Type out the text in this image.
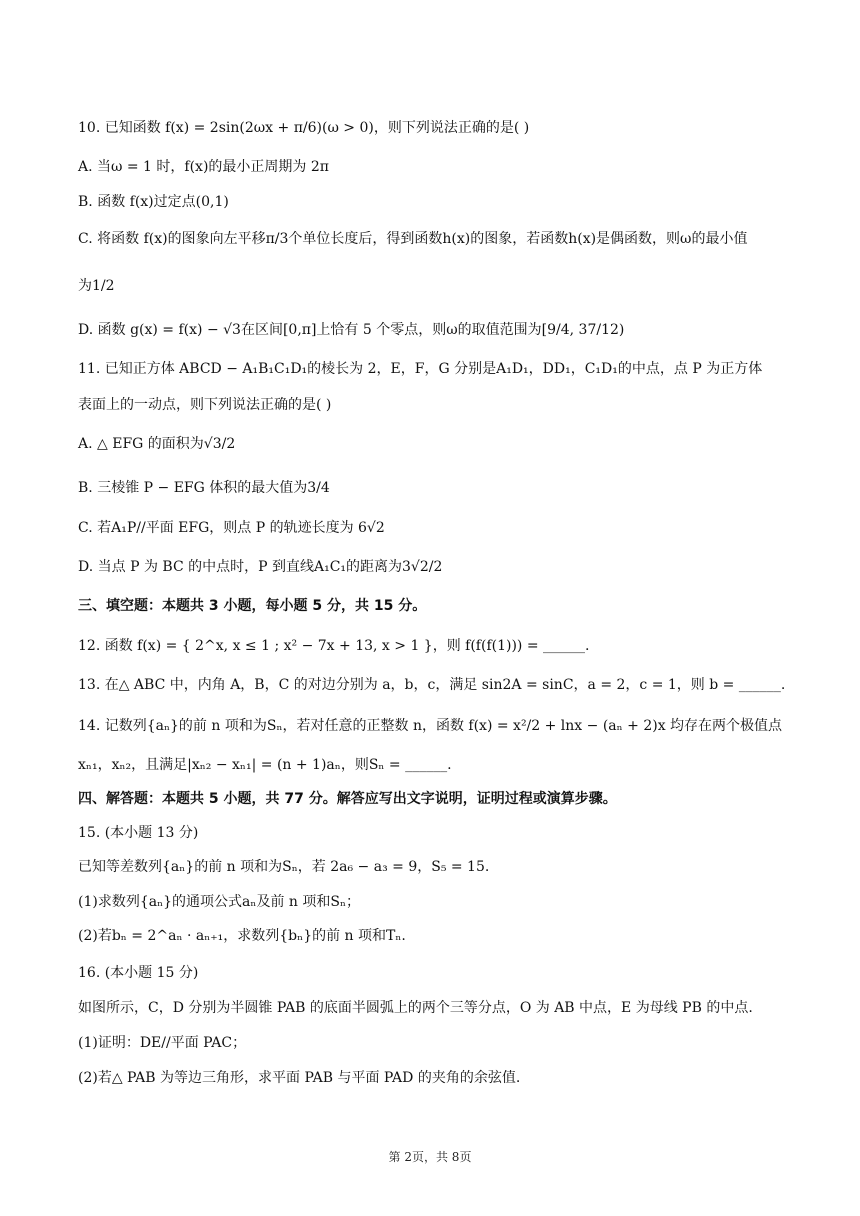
10. 已知函数 f(x) = 2sin(2ωx + π/6)(ω > 0)，则下列说法正确的是( )
A. 当ω = 1 时，f(x)的最小正周期为 2π
B. 函数 f(x)过定点(0,1)
C. 将函数 f(x)的图象向左平移π/3个单位长度后，得到函数h(x)的图象，若函数h(x)是偶函数，则ω的最小值
为1/2
D. 函数 g(x) = f(x) − √3在区间[0,π]上恰有 5 个零点，则ω的取值范围为[9/4, 37/12)
11. 已知正方体 ABCD − A₁B₁C₁D₁的棱长为 2，E，F，G 分别是A₁D₁，DD₁，C₁D₁的中点，点 P 为正方体
表面上的一动点，则下列说法正确的是( )
A. △ EFG 的面积为√3/2
B. 三棱锥 P − EFG 体积的最大值为3/4
C. 若A₁P//平面 EFG，则点 P 的轨迹长度为 6√2
D. 当点 P 为 BC 的中点时，P 到直线A₁C₁的距离为3√2/2
三、填空题：本题共 3 小题，每小题 5 分，共 15 分。
12. 函数 f(x) = { 2^x, x ≤ 1 ; x² − 7x + 13, x > 1 }，则 f(f(f(1))) = ______.
13. 在△ ABC 中，内角 A，B，C 的对边分别为 a，b，c，满足 sin2A = sinC，a = 2，c = 1，则 b = ______.
14. 记数列{aₙ}的前 n 项和为Sₙ，若对任意的正整数 n，函数 f(x) = x²/2 + lnx − (aₙ + 2)x 均存在两个极值点
xₙ₁，xₙ₂，且满足|xₙ₂ − xₙ₁| = (n + 1)aₙ，则Sₙ = ______.
四、解答题：本题共 5 小题，共 77 分。解答应写出文字说明，证明过程或演算步骤。
15. (本小题 13 分)
已知等差数列{aₙ}的前 n 项和为Sₙ，若 2a₆ − a₃ = 9，S₅ = 15.
(1)求数列{aₙ}的通项公式aₙ及前 n 项和Sₙ；
(2)若bₙ = 2^aₙ · aₙ₊₁，求数列{bₙ}的前 n 项和Tₙ.
16. (本小题 15 分)
如图所示，C，D 分别为半圆锥 PAB 的底面半圆弧上的两个三等分点，O 为 AB 中点，E 为母线 PB 的中点.
(1)证明：DE//平面 PAC；
(2)若△ PAB 为等边三角形，求平面 PAB 与平面 PAD 的夹角的余弦值.
第 2页，共 8页
